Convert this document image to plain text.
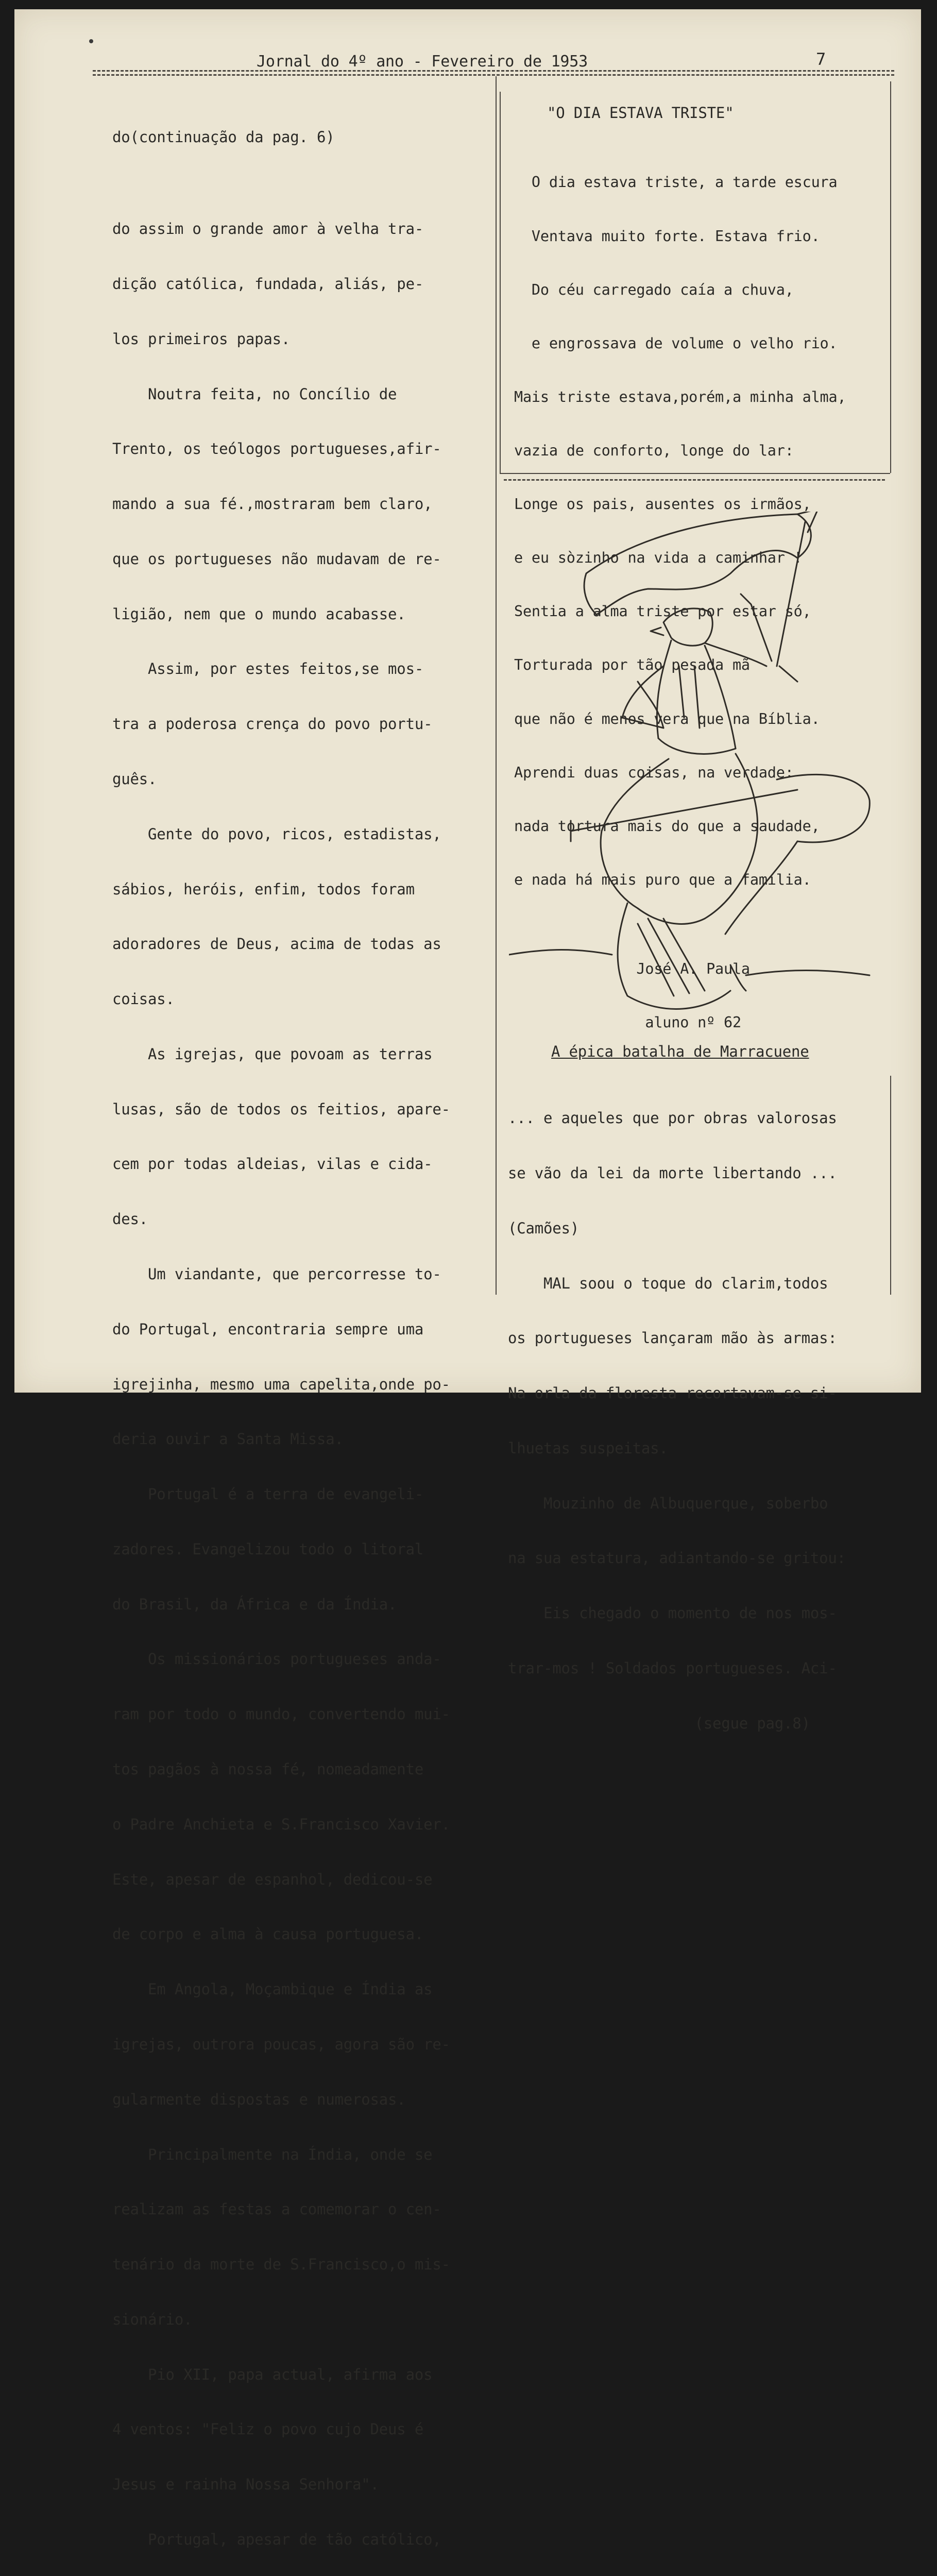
Jornal do 4º ano - Fevereiro de 1953	7

do(continuação da pag. 6)

do assim o grande amor à velha tra-

dição católica, fundada, aliás, pe-

los primeiros papas.

Noutra feita, no Concílio de

Trento, os teólogos portugueses,afir-

mando a sua fé.,mostraram bem claro,

que os portugueses não mudavam de re-

ligião, nem que o mundo acabasse.

Assim, por estes feitos,se mos-

tra a poderosa crença do povo portu-

guês.

Gente do povo, ricos, estadistas,

sábios, heróis, enfim, todos foram

adoradores de Deus, acima de todas as

coisas.

As igrejas, que povoam as terras

lusas, são de todos os feitios, apare-

cem por todas aldeias, vilas e cida-

des.

Um viandante, que percorresse to-

do Portugal, encontraria sempre uma

igrejinha, mesmo uma capelita,onde po-

deria ouvir a Santa Missa.

Portugal é a terra de evangeli-

zadores. Evangelizou todo o litoral

do Brasil, da África e da Índia.

Os missionários portugueses anda-

ram por todo o mundo, convertendo mui-

tos pagãos à nossa fé, nomeadamente

o Padre Anchieta e S.Francisco Xavier.

Este, apesar de espanhol, dedicou-se

de corpo e alma à causa portuguesa.

Em Angola, Moçambique e Índia as

igrejas, outrora poucas, agora são re-

gularmente dispostas e numerosas.

Principalmente na Índia, onde se

realizam as festas a comemorar o cen-

tenário da morte de S.Francisco,o mis-

sionário.

Pio XII, papa actual, afirma aos

4 ventos: "Feliz o povo cujo Deus é

Jesus e rainha Nossa Senhora".

Portugal, apesar de tão católico,

"O DIA ESTAVA TRISTE"

O dia estava triste, a tarde escura

Ventava muito forte. Estava frio.

Do céu carregado caía a chuva,

e engrossava de volume o velho rio.

Mais triste estava,porém,a minha alma,

vazia de conforto, longe do lar:

Longe os pais, ausentes os irmãos,

e eu sòzinho na vida a caminhar !

Sentia a alma triste por estar só,

Torturada por tão pesada mã

que não é menos vera que na Bíblia.

Aprendi duas coisas, na verdade:

nada tortura mais do que a saudade,

e nada há mais puro que a família.

José A. Paula

aluno nº 62

A épica batalha de Marracuene

... e aqueles que por obras valorosas

se vão da lei da morte libertando ...

(Camões)

MAL soou o toque do clarim,todos

os portugueses lançaram mão às armas:

Na orla da floresta recortavam-se si-

lhuetas suspeitas.

Mouzinho de Albuquerque, soberbo

na sua estatura, adiantando-se gritou:

Eis chegado o momento de nos mos-

trar-mos ! Soldados portugueses. Aci-

(segue pag.8)
